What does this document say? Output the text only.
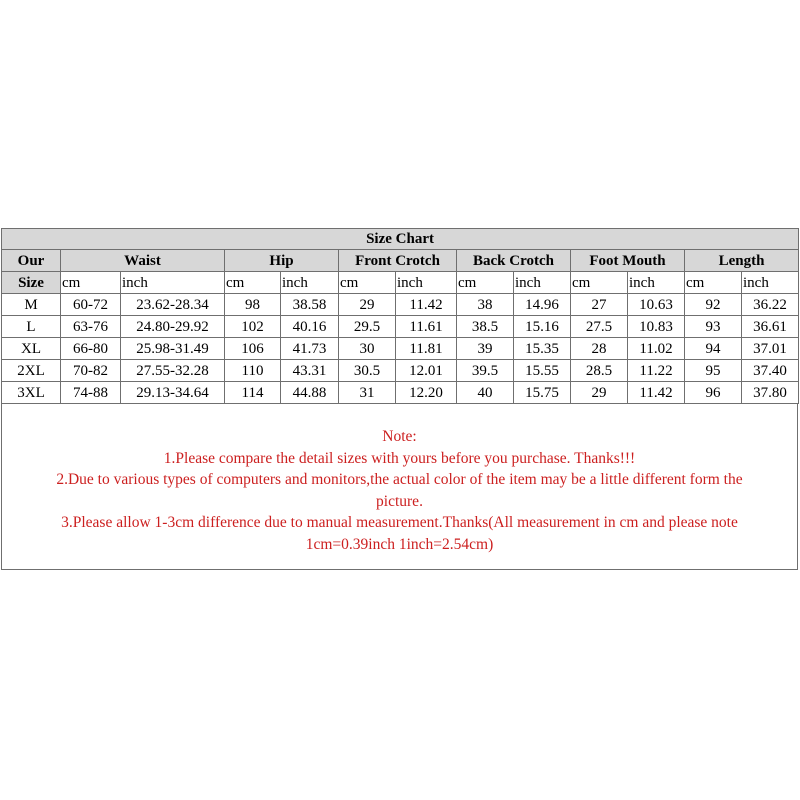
Size Chart												
Our	Waist		Hip		Front Crotch		Back Crotch		Foot Mouth		Length	
Size	cm	inch	cm	inch	cm	inch	cm	inch	cm	inch	cm	inch
M	60-72	23.62-28.34	98	38.58	29	11.42	38	14.96	27	10.63	92	36.22
L	63-76	24.80-29.92	102	40.16	29.5	11.61	38.5	15.16	27.5	10.83	93	36.61
XL	66-80	25.98-31.49	106	41.73	30	11.81	39	15.35	28	11.02	94	37.01
2XL	70-82	27.55-32.28	110	43.31	30.5	12.01	39.5	15.55	28.5	11.22	95	37.40
3XL	74-88	29.13-34.64	114	44.88	31	12.20	40	15.75	29	11.42	96	37.80
Note:
1.Please compare the detail sizes with yours before you purchase. Thanks!!!
2.Due to various types of computers and monitors,the actual color of the item may be a little different form the
picture.
3.Please allow 1-3cm difference due to manual measurement.Thanks(All measurement in cm and please note
1cm=0.39inch 1inch=2.54cm)
